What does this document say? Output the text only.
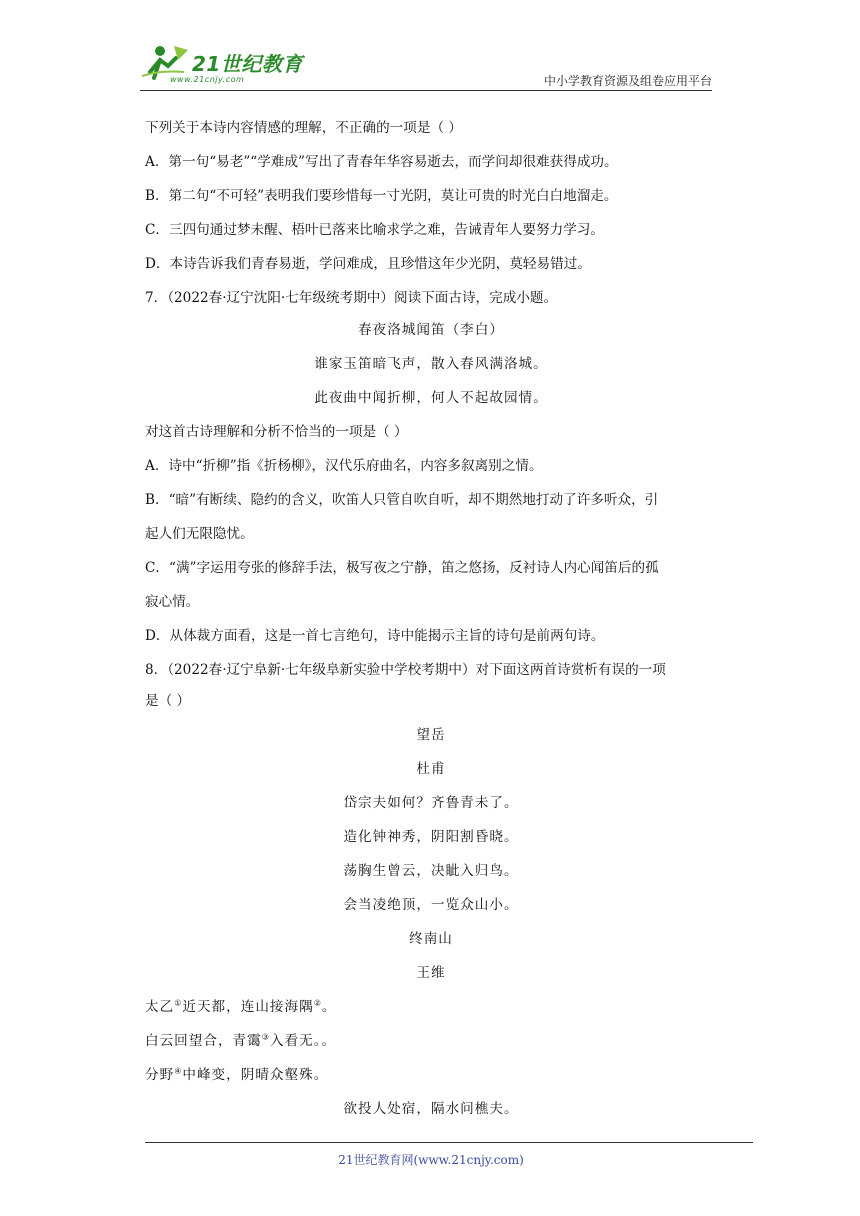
21世纪教育
www.21cnjy.com	中小学教育资源及组卷应用平台
下列关于本诗内容情感的理解，不正确的一项是（ ）
A．第一句“易老”“学难成”写出了青春年华容易逝去，而学问却很难获得成功。
B．第二句“不可轻”表明我们要珍惜每一寸光阴，莫让可贵的时光白白地溜走。
C．三四句通过梦未醒、梧叶已落来比喻求学之难，告诫青年人要努力学习。
D．本诗告诉我们青春易逝，学问难成，且珍惜这年少光阴，莫轻易错过。
7．（2022春·辽宁沈阳·七年级统考期中）阅读下面古诗，完成小题。
春夜洛城闻笛（李白）
谁家玉笛暗飞声，散入春风满洛城。
此夜曲中闻折柳，何人不起故园情。
对这首古诗理解和分析不恰当的一项是（ ）
A．诗中“折柳”指《折杨柳》，汉代乐府曲名，内容多叙离别之情。
B．“暗”有断续、隐约的含义，吹笛人只管自吹自听，却不期然地打动了许多听众，引
起人们无限隐忧。
C．“满”字运用夸张的修辞手法，极写夜之宁静，笛之悠扬，反衬诗人内心闻笛后的孤
寂心情。
D．从体裁方面看，这是一首七言绝句，诗中能揭示主旨的诗句是前两句诗。
8．（2022春·辽宁阜新·七年级阜新实验中学校考期中）对下面这两首诗赏析有误的一项
是（ ）
望岳
杜甫
岱宗夫如何？齐鲁青未了。
造化钟神秀，阴阳割昏晓。
荡胸生曾云，决眦入归鸟。
会当凌绝顶，一览众山小。
终南山
王维
太乙①近天都，连山接海隅②。
白云回望合，青霭③入看无。。
分野④中峰变，阴晴众壑殊。
欲投人处宿，隔水问樵夫。
21世纪教育网(www.21cnjy.com)
